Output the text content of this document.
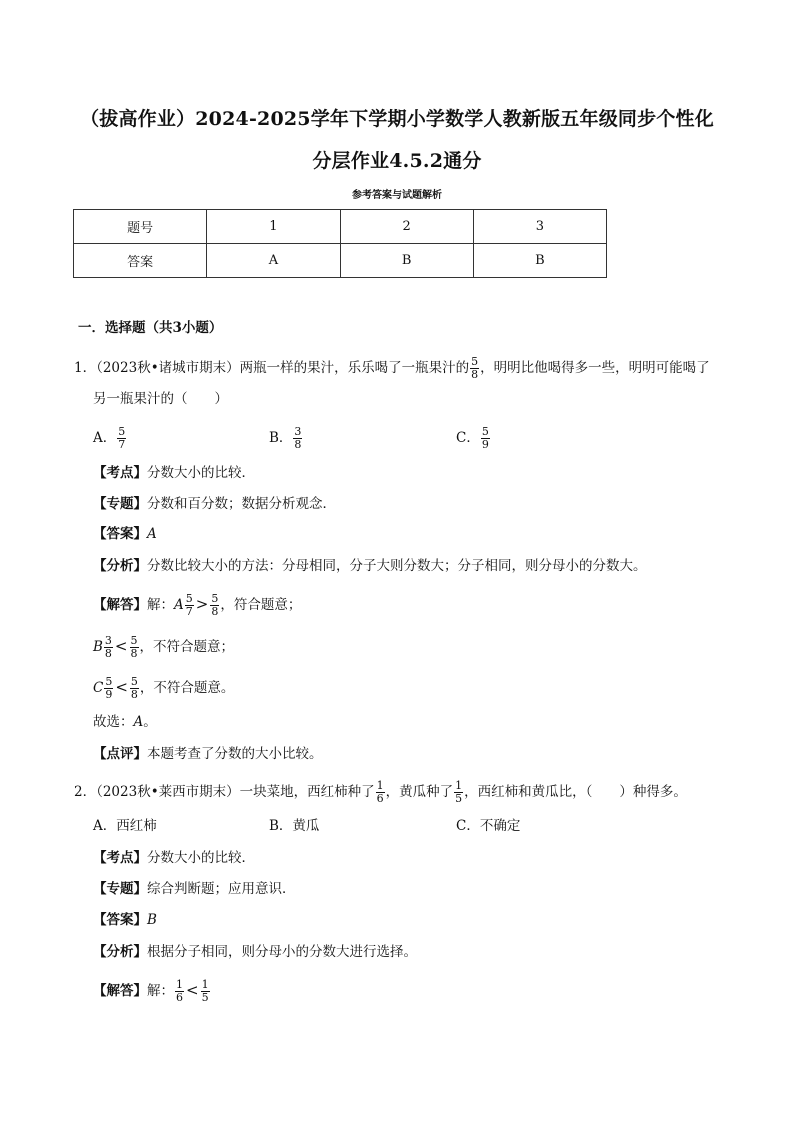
（拔高作业）2024-2025学年下学期小学数学人教新版五年级同步个性化
分层作业4.5.2通分
参考答案与试题解析
题号	1	2	3
答案	A	B	B
一．选择题（共3小题）
1．（2023秋•诸城市期末）两瓶一样的果汁，乐乐喝了一瓶果汁的 $\frac{5}{8}$ ，明明比他喝得多一些，明明可能喝了
另一瓶果汁的（　　）
A． $\frac{5}{7}$	B． $\frac{3}{8}$	C． $\frac{5}{9}$
【考点】分数大小的比较．
【专题】分数和百分数；数据分析观念．
【答案】A
【分析】分数比较大小的方法：分母相同，分子大则分数大；分子相同，则分母小的分数大。
【解答】解：A $\frac{5}{7} > \frac{5}{8}$ ，符合题意；
B $\frac{3}{8} < \frac{5}{8}$ ，不符合题意；
C $\frac{5}{9} < \frac{5}{8}$ ，不符合题意。
故选：A。
【点评】本题考查了分数的大小比较。
2．（2023秋•莱西市期末）一块菜地，西红柿种了 $\frac{1}{6}$ ，黄瓜种了 $\frac{1}{5}$ ，西红柿和黄瓜比，（　　）种得多。
A．西红柿	B．黄瓜	C．不确定
【考点】分数大小的比较．
【专题】综合判断题；应用意识．
【答案】B
【分析】根据分子相同，则分母小的分数大进行选择。
【解答】解： $\frac{1}{6} < \frac{1}{5}$
